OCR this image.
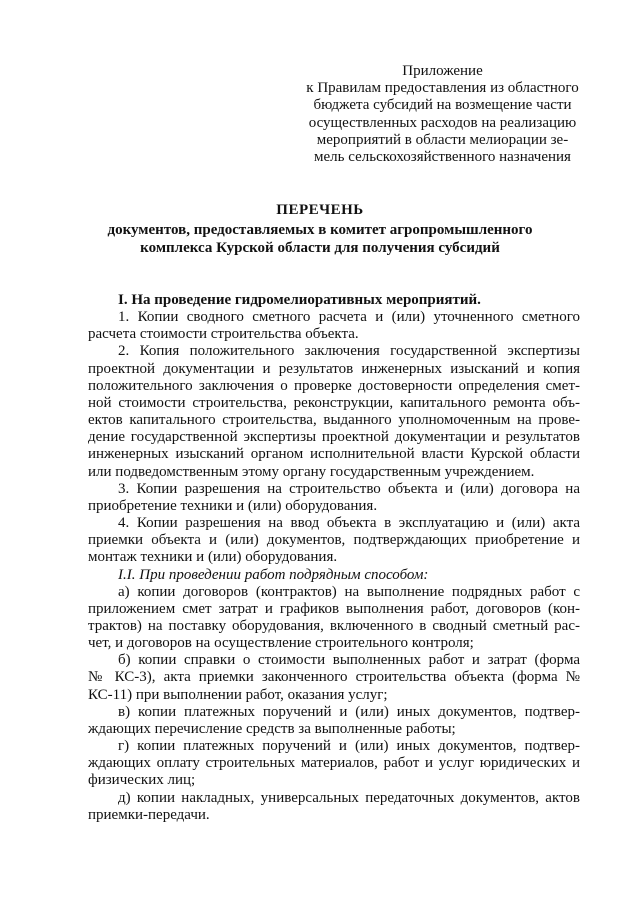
Приложение
к Правилам предоставления из областного
бюджета субсидий на возмещение части
осуществленных расходов на реализацию
мероприятий в области мелиорации зе-
мель сельскохозяйственного назначения
ПЕРЕЧЕНЬ
документов, предоставляемых в комитет агропромышленного
комплекса Курской области для получения субсидий
I. На проведение гидромелиоративных мероприятий.
1. Копии сводного сметного расчета и (или) уточненного сметного
расчета стоимости строительства объекта.
2. Копия положительного заключения государственной экспертизы
проектной документации и результатов инженерных изысканий и копия
положительного заключения о проверке достоверности определения смет-
ной стоимости строительства, реконструкции, капитального ремонта объ-
ектов капитального строительства, выданного уполномоченным на прове-
дение государственной экспертизы проектной документации и результатов
инженерных изысканий органом исполнительной власти Курской области
или подведомственным этому органу государственным учреждением.
3. Копии разрешения на строительство объекта и (или) договора на
приобретение техники и (или) оборудования.
4. Копии разрешения на ввод объекта в эксплуатацию и (или) акта
приемки объекта и (или) документов, подтверждающих приобретение и
монтаж техники и (или) оборудования.
I.I. При проведении работ подрядным способом:
а) копии договоров (контрактов) на выполнение подрядных работ с
приложением смет затрат и графиков выполнения работ, договоров (кон-
трактов) на поставку оборудования, включенного в сводный сметный рас-
чет, и договоров на осуществление строительного контроля;
б) копии справки о стоимости выполненных работ и затрат (форма
№ КС-3), акта приемки законченного строительства объекта (форма №
КС-11) при выполнении работ, оказания услуг;
в) копии платежных поручений и (или) иных документов, подтвер-
ждающих перечисление средств за выполненные работы;
г) копии платежных поручений и (или) иных документов, подтвер-
ждающих оплату строительных материалов, работ и услуг юридических и
физических лиц;
д) копии накладных, универсальных передаточных документов, актов
приемки-передачи.
